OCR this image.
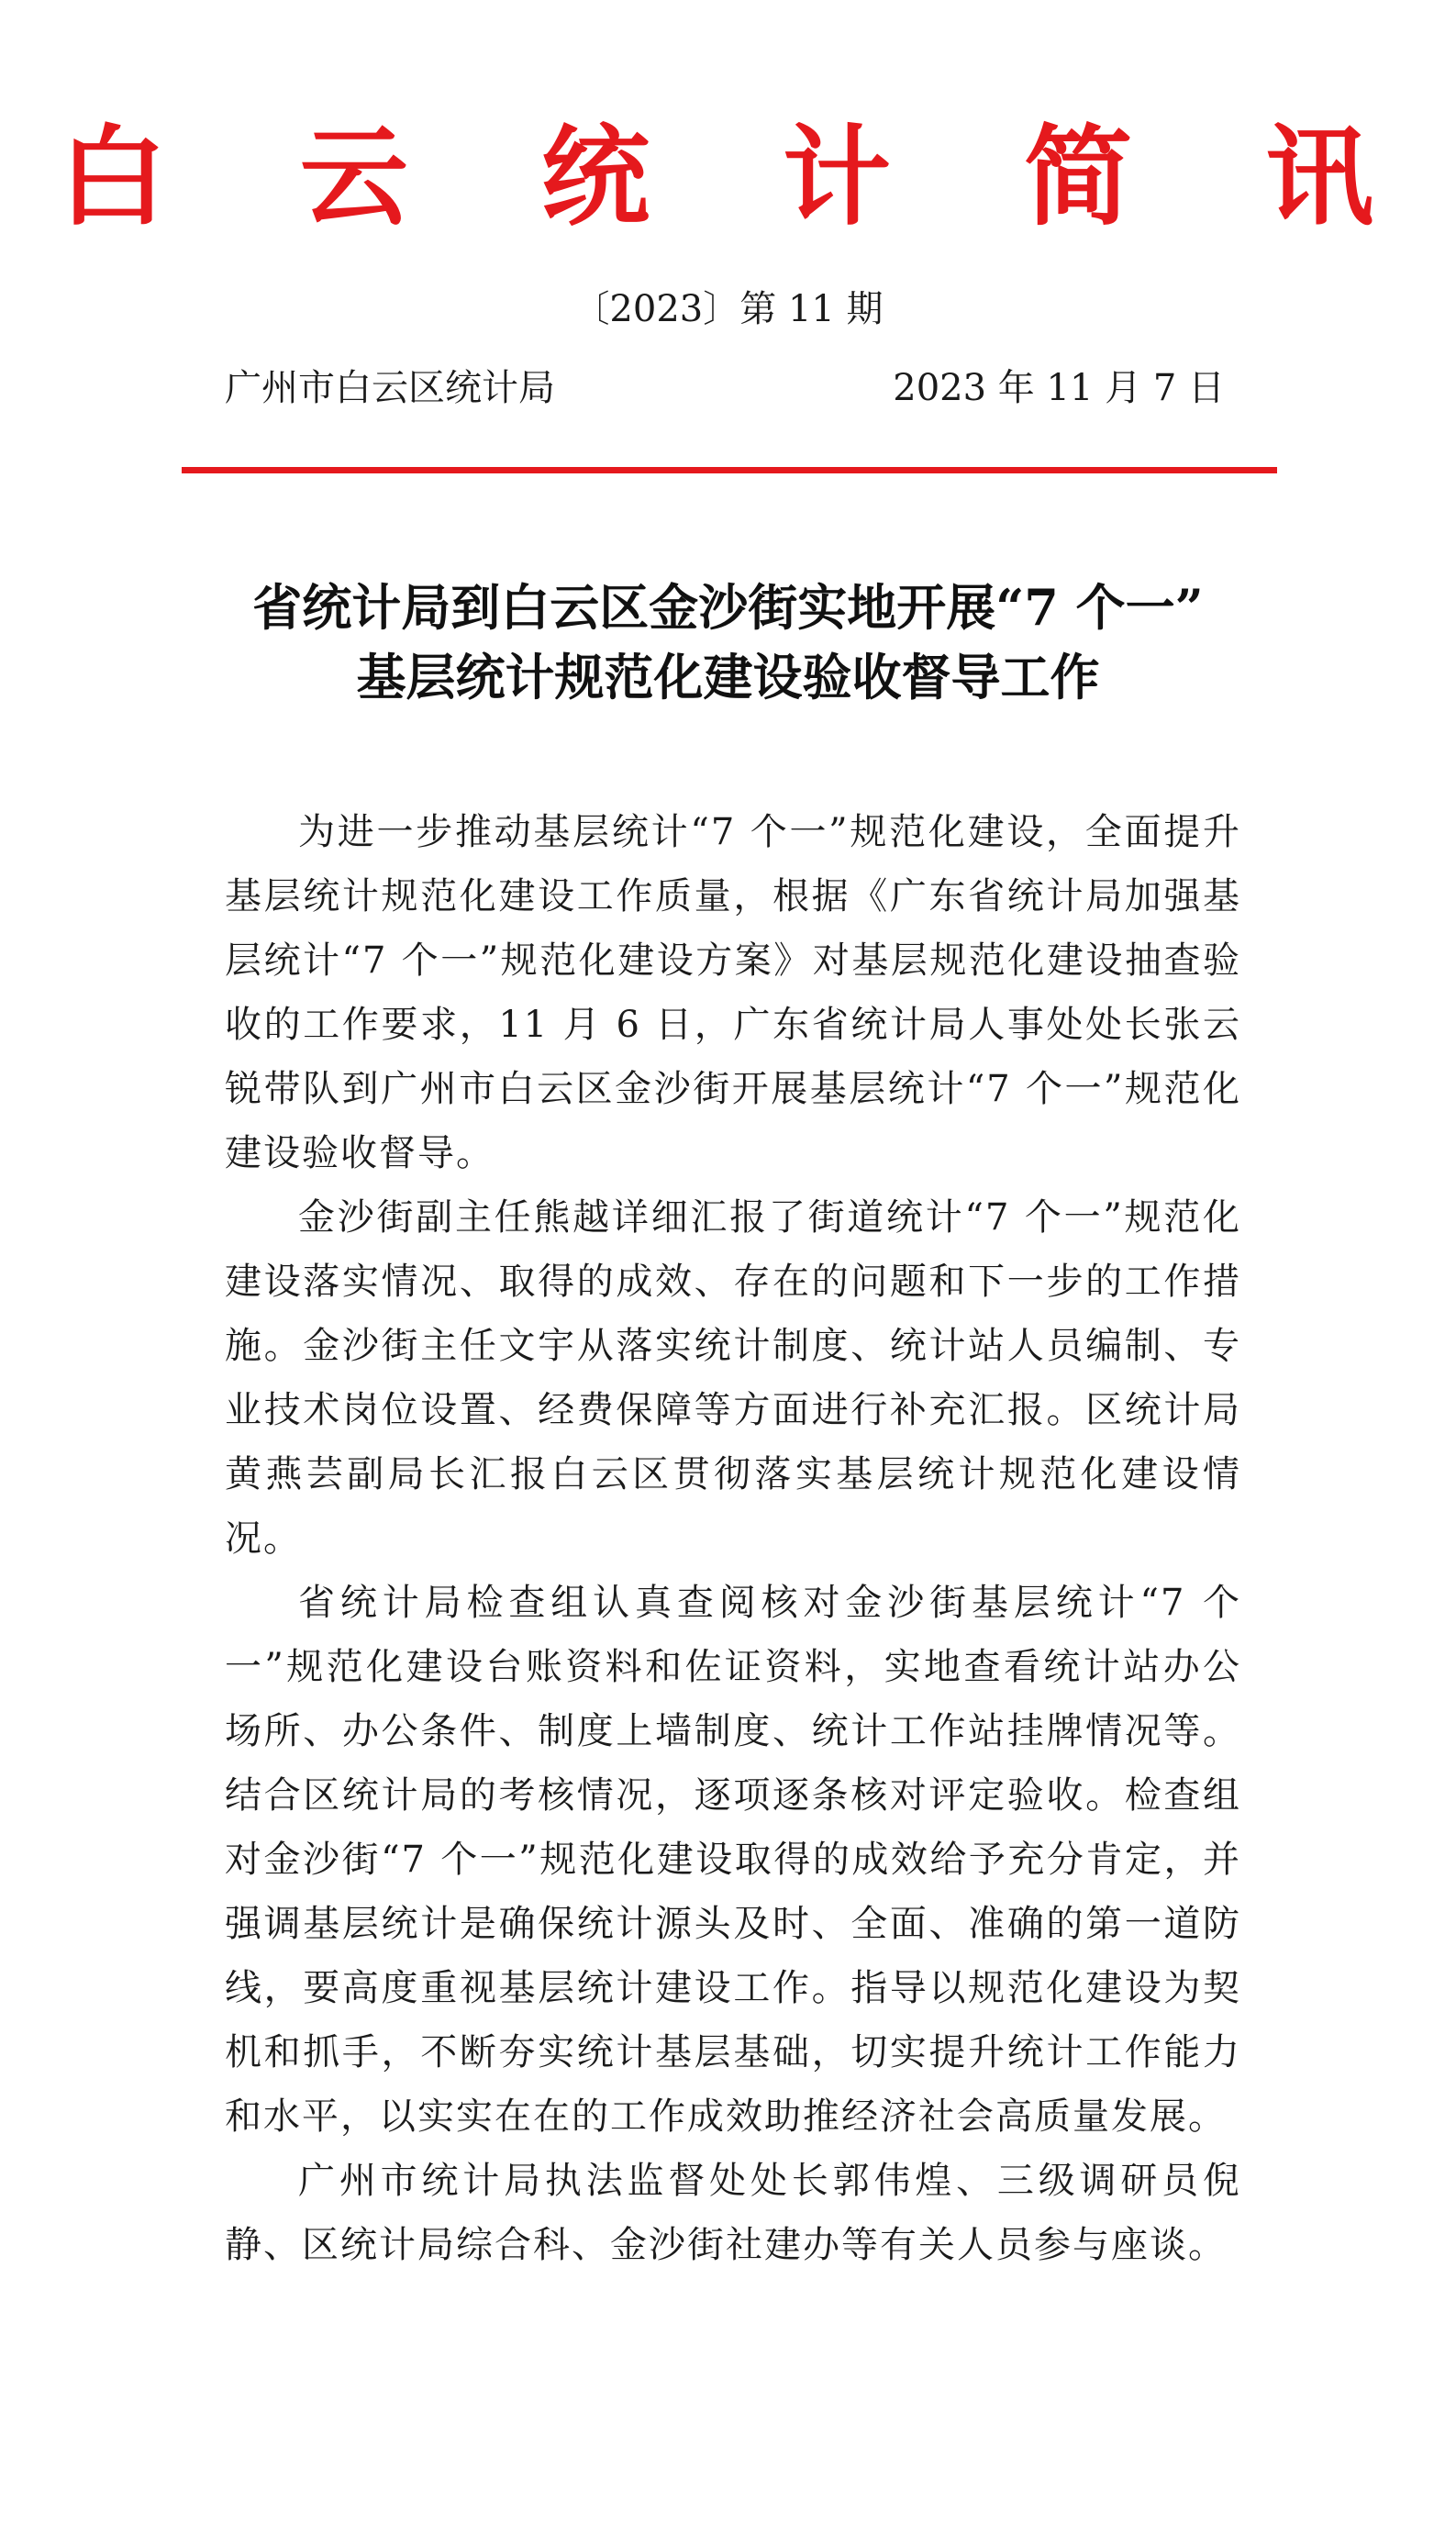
白 云 统 计 简 讯
〔2023〕第 11 期
广州市白云区统计局	2023 年 11 月 7 日
省统计局到白云区金沙街实地开展“7 个一”
基层统计规范化建设验收督导工作

为进一步推动基层统计“7 个一”规范化建设，全面提升基层统计规范化建设工作质量，根据《广东省统计局加强基层统计“7 个一”规范化建设方案》对基层规范化建设抽查验收的工作要求，11 月 6 日，广东省统计局人事处处长张云锐带队到广州市白云区金沙街开展基层统计“7 个一”规范化建设验收督导。

金沙街副主任熊越详细汇报了街道统计“7 个一”规范化建设落实情况、取得的成效、存在的问题和下一步的工作措施。金沙街主任文宇从落实统计制度、统计站人员编制、专业技术岗位设置、经费保障等方面进行补充汇报。区统计局黄燕芸副局长汇报白云区贯彻落实基层统计规范化建设情况。

省统计局检查组认真查阅核对金沙街基层统计“7 个一”规范化建设台账资料和佐证资料，实地查看统计站办公场所、办公条件、制度上墙制度、统计工作站挂牌情况等。结合区统计局的考核情况，逐项逐条核对评定验收。检查组对金沙街“7 个一”规范化建设取得的成效给予充分肯定，并强调基层统计是确保统计源头及时、全面、准确的第一道防线，要高度重视基层统计建设工作。指导以规范化建设为契机和抓手，不断夯实统计基层基础，切实提升统计工作能力和水平，以实实在在的工作成效助推经济社会高质量发展。

广州市统计局执法监督处处长郭伟煌、三级调研员倪静、区统计局综合科、金沙街社建办等有关人员参与座谈。
